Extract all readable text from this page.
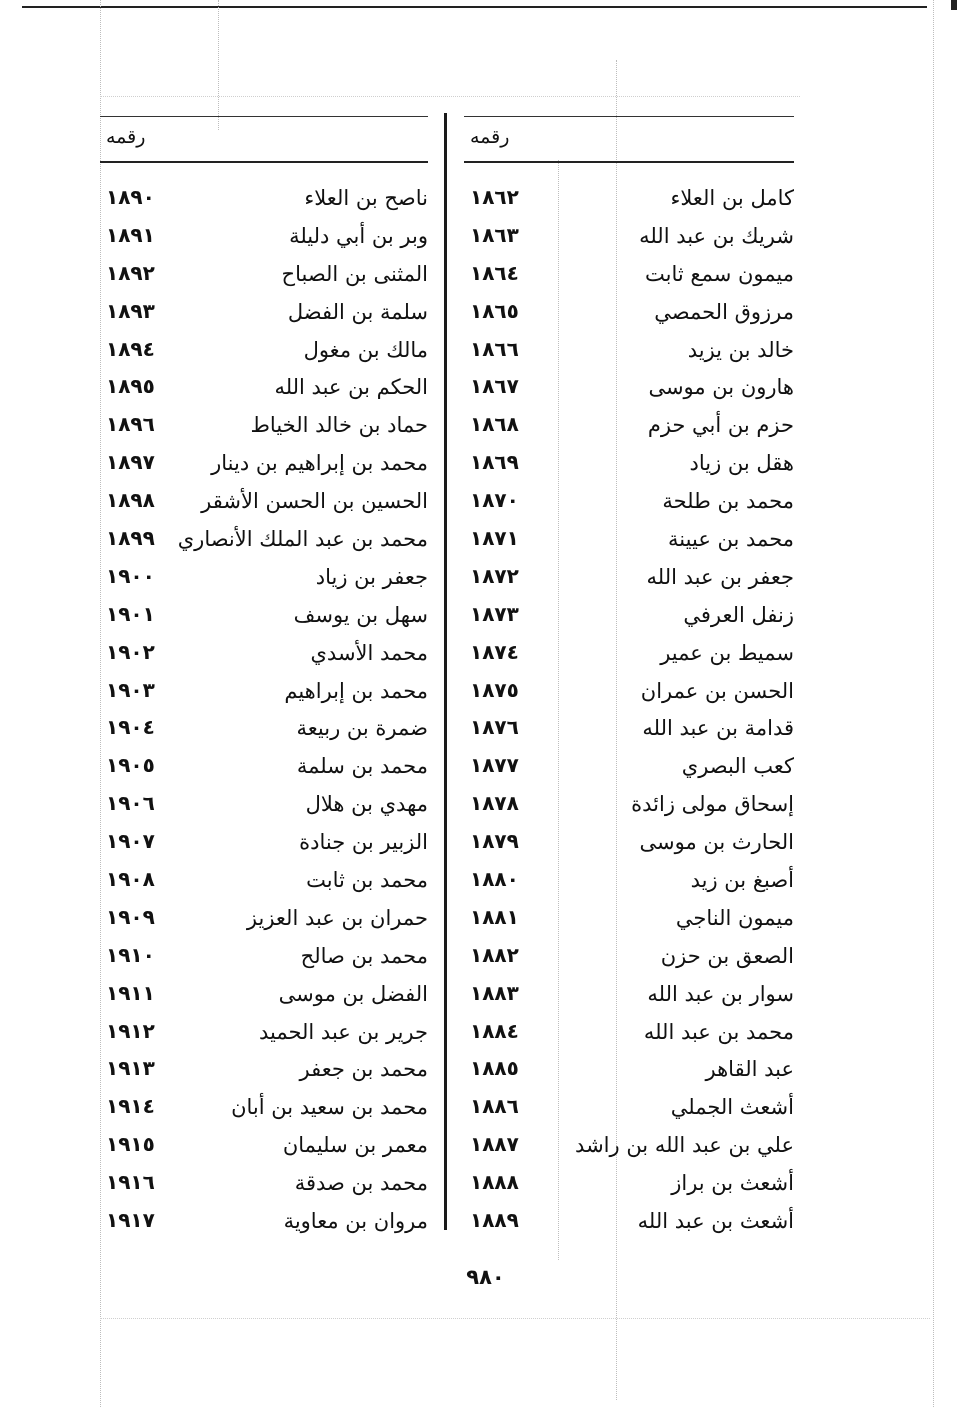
رقمه
كامل بن العلاء
١٨٦٢
شريك بن عبد الله
١٨٦٣
ميمون سمع ثابت
١٨٦٤
مرزوق الحمصي
١٨٦٥
خالد بن يزيد
١٨٦٦
هارون بن موسى
١٨٦٧
حزم بن أبي حزم
١٨٦٨
هقل بن زياد
١٨٦٩
محمد بن طلحة
١٨٧٠
محمد بن عيينة
١٨٧١
جعفر بن عبد الله
١٨٧٢
زنفل العرفي
١٨٧٣
سميط بن عمير
١٨٧٤
الحسن بن عمران
١٨٧٥
قدامة بن عبد الله
١٨٧٦
كعب البصري
١٨٧٧
إسحاق مولى زائدة
١٨٧٨
الحارث بن موسى
١٨٧٩
أصبغ بن زيد
١٨٨٠
ميمون الناجي
١٨٨١
الصعق بن حزن
١٨٨٢
سوار بن عبد الله
١٨٨٣
محمد بن عبد الله
١٨٨٤
عبد القاهر
١٨٨٥
أشعث الجملي
١٨٨٦
علي بن عبد الله بن راشد
١٨٨٧
أشعث بن براز
١٨٨٨
أشعث بن عبد الله
١٨٨٩
رقمه
ناصح بن العلاء
١٨٩٠
وبر بن أبي دليلة
١٨٩١
المثنى بن الصباح
١٨٩٢
سلمة بن الفضل
١٨٩٣
مالك بن مغول
١٨٩٤
الحكم بن عبد الله
١٨٩٥
حماد بن خالد الخياط
١٨٩٦
محمد بن إبراهيم بن دينار
١٨٩٧
الحسين بن الحسن الأشقر
١٨٩٨
محمد بن عبد الملك الأنصاري
١٨٩٩
جعفر بن زياد
١٩٠٠
سهل بن يوسف
١٩٠١
محمد الأسدي
١٩٠٢
محمد بن إبراهيم
١٩٠٣
ضمرة بن ربيعة
١٩٠٤
محمد بن سلمة
١٩٠٥
مهدي بن هلال
١٩٠٦
الزبير بن جنادة
١٩٠٧
محمد بن ثابت
١٩٠٨
حمران بن عبد العزيز
١٩٠٩
محمد بن صالح
١٩١٠
الفضل بن موسى
١٩١١
جرير بن عبد الحميد
١٩١٢
محمد بن جعفر
١٩١٣
محمد بن سعيد بن أبان
١٩١٤
معمر بن سليمان
١٩١٥
محمد بن صدقة
١٩١٦
مروان بن معاوية
١٩١٧
٩٨٠
